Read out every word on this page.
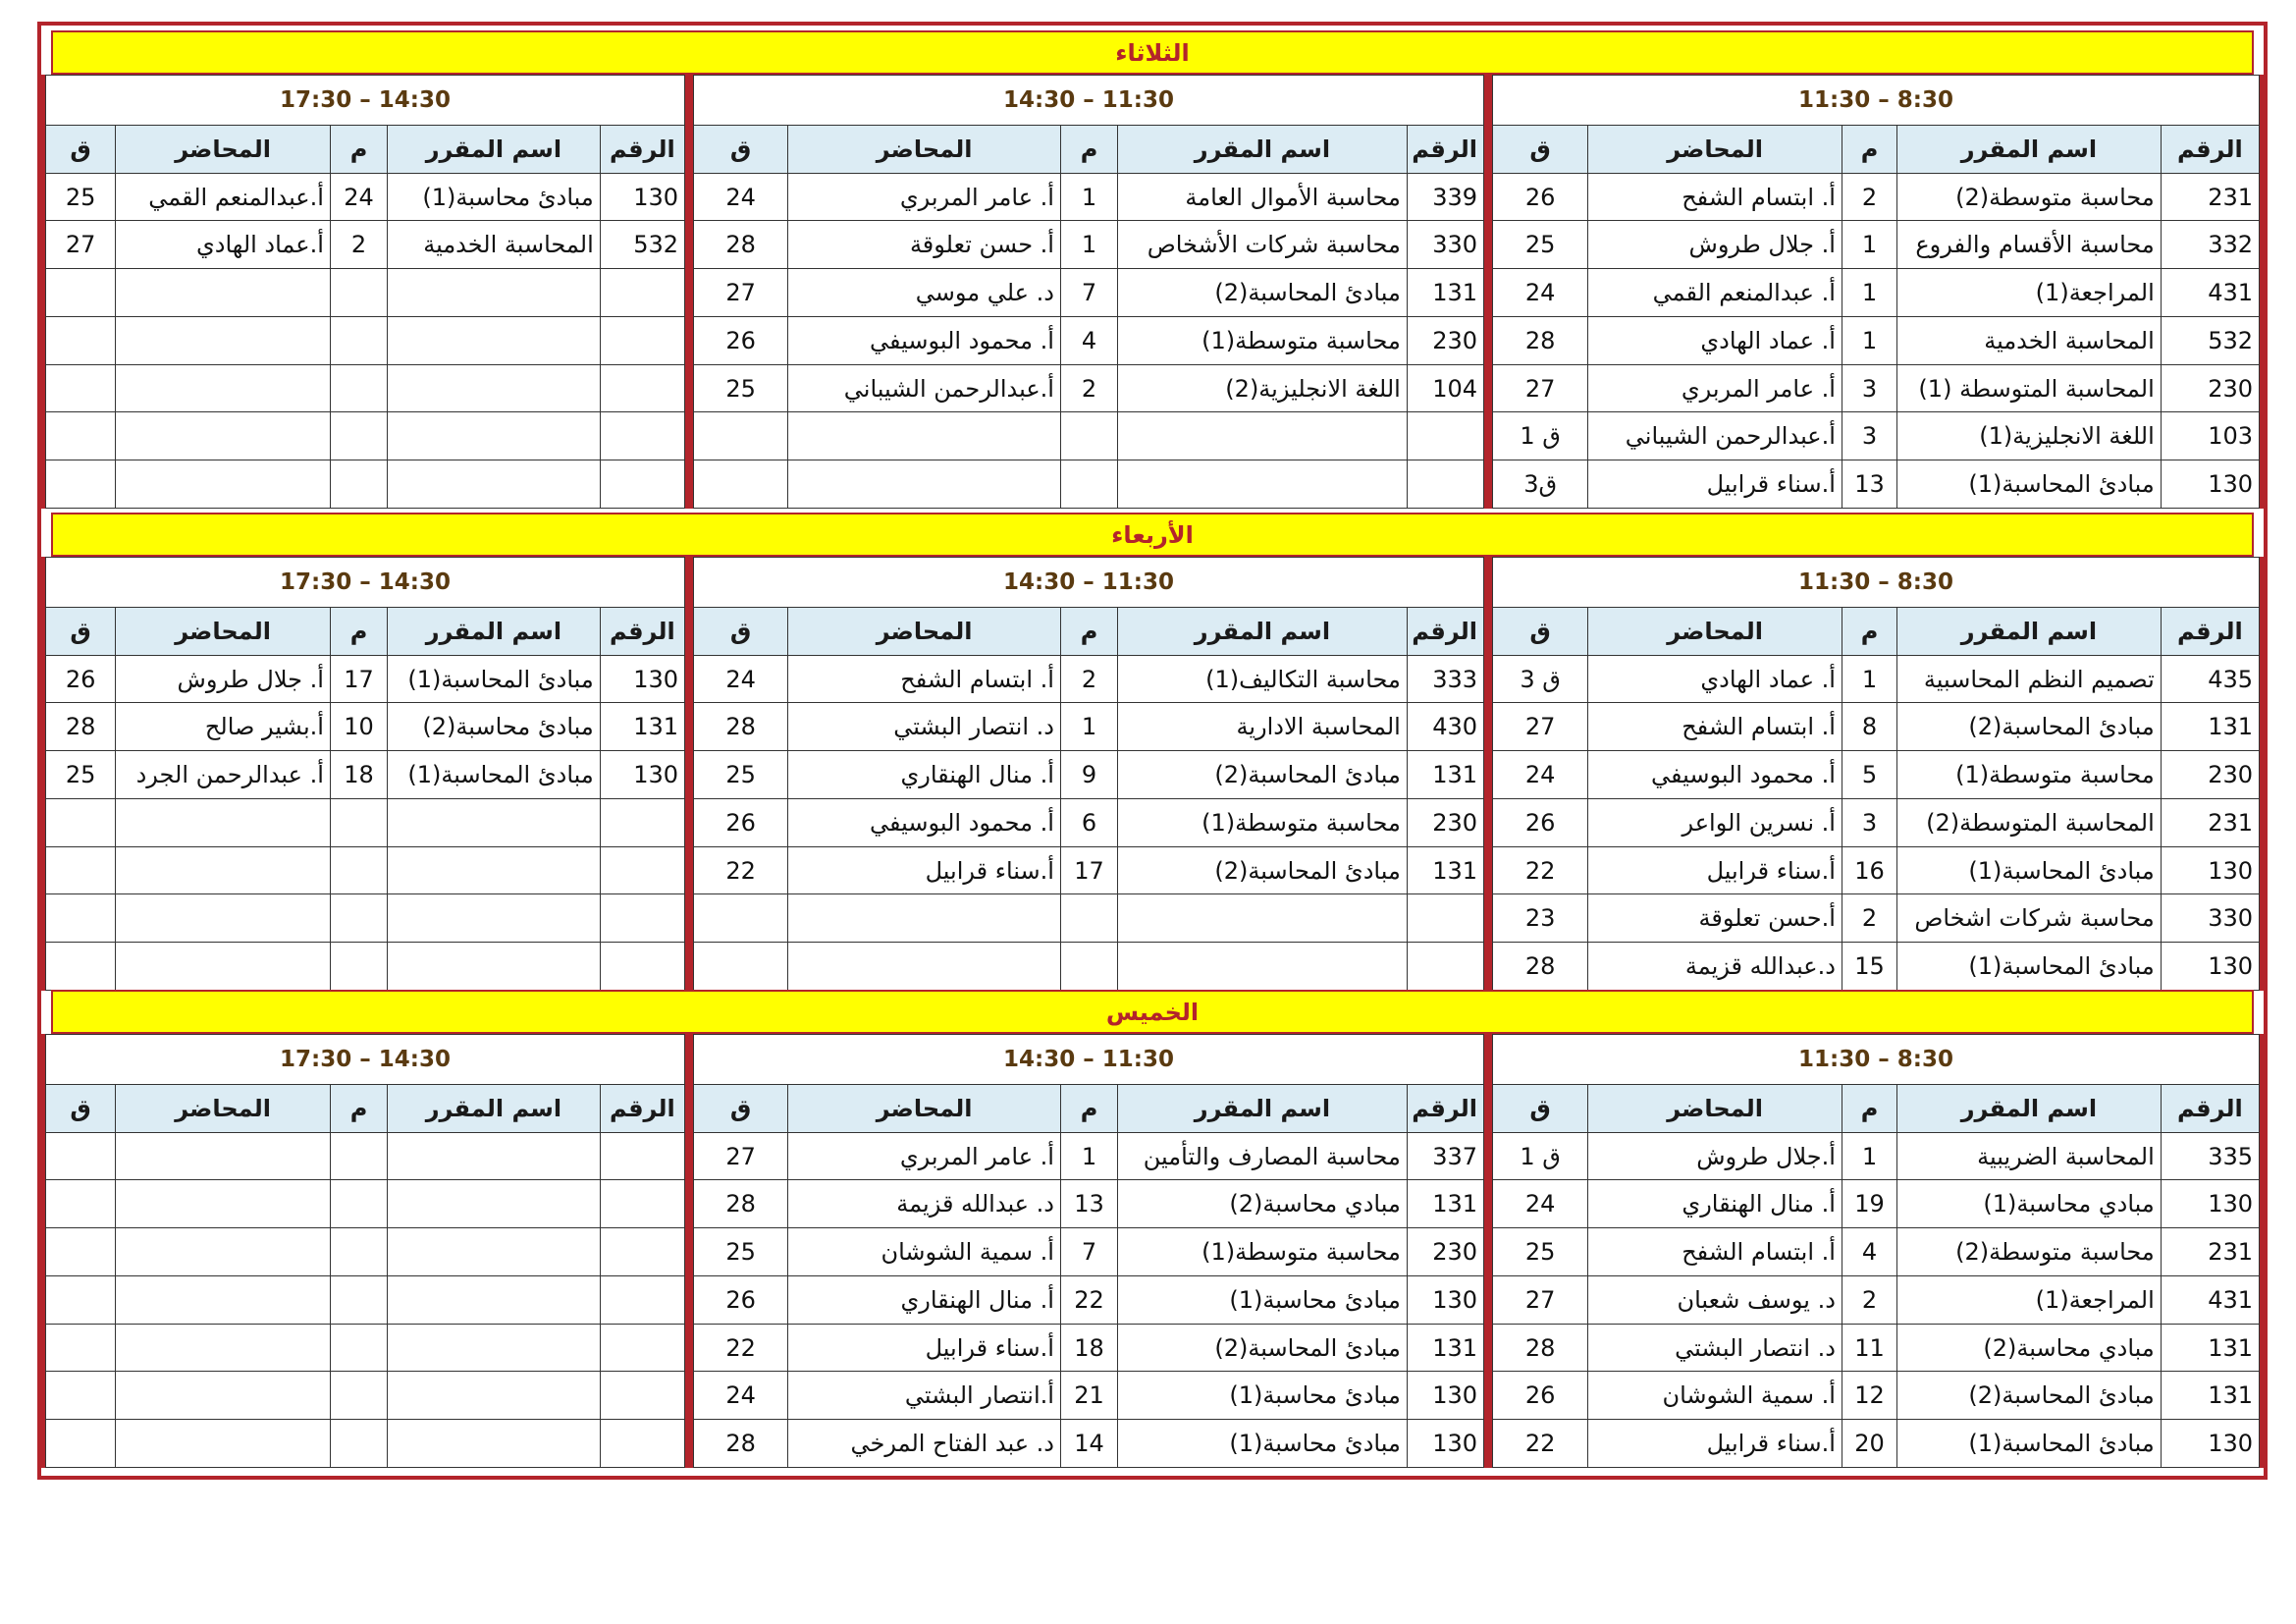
الثلاثاء
8:30 – 11:30				
الرقم	اسم المقرر	م	المحاضر	ق
231	محاسبة متوسطة(2)	2	أ. ابتسام الشفح	26
332	محاسبة الأقسام والفروع	1	أ. جلال طروش	25
431	المراجعة(1)	1	أ. عبدالمنعم القمي	24
532	المحاسبة الخدمية	1	أ. عماد الهادي	28
230	المحاسبة المتوسطة (1)	3	أ. عامر المربري	27
103	اللغة الانجليزية(1)	3	أ.عبدالرحمن الشيباني	ق 1
130	مبادئ المحاسبة(1)	13	أ.سناء قرابيل	ق3
11:30 – 14:30				
الرقم	اسم المقرر	م	المحاضر	ق
339	محاسبة الأموال العامة	1	أ. عامر المربري	24
330	محاسبة شركات الأشخاص	1	أ. حسن تعلوقة	28
131	مبادئ المحاسبة(2)	7	د. علي موسي	27
230	محاسبة متوسطة(1)	4	أ. محمود البوسيفي	26
104	اللغة الانجليزية(2)	2	أ.عبدالرحمن الشيباني	25

14:30 – 17:30				
الرقم	اسم المقرر	م	المحاضر	ق
130	مبادئ محاسبة(1)	24	أ.عبدالمنعم القمي	25
532	المحاسبة الخدمية	2	أ.عماد الهادي	27

الأربعاء
8:30 – 11:30				
الرقم	اسم المقرر	م	المحاضر	ق
435	تصميم النظم المحاسبية	1	أ. عماد الهادي	ق 3
131	مبادئ المحاسبة(2)	8	أ. ابتسام الشفح	27
230	محاسبة متوسطة(1)	5	أ. محمود البوسيفي	24
231	المحاسبة المتوسطة(2)	3	أ. نسرين الواعر	26
130	مبادئ المحاسبة(1)	16	أ.سناء قرابيل	22
330	محاسبة شركات اشخاص	2	أ.حسن تعلوقة	23
130	مبادئ المحاسبة(1)	15	د.عبدالله قزيمة	28
11:30 – 14:30				
الرقم	اسم المقرر	م	المحاضر	ق
333	محاسبة التكاليف(1)	2	أ. ابتسام الشفح	24
430	المحاسبة الادارية	1	د. انتصار البشتي	28
131	مبادئ المحاسبة(2)	9	أ. منال الهنقاري	25
230	محاسبة متوسطة(1)	6	أ. محمود البوسيفي	26
131	مبادئ المحاسبة(2)	17	أ.سناء قرابيل	22

14:30 – 17:30				
الرقم	اسم المقرر	م	المحاضر	ق
130	مبادئ المحاسبة(1)	17	أ. جلال طروش	26
131	مبادئ محاسبة(2)	10	أ.بشير صالح	28
130	مبادئ المحاسبة(1)	18	أ. عبدالرحمن الجرد	25

الخميس
8:30 – 11:30				
الرقم	اسم المقرر	م	المحاضر	ق
335	المحاسبة الضريبية	1	أ.جلال طروش	ق 1
130	مبادي محاسبة(1)	19	أ. منال الهنقاري	24
231	محاسبة متوسطة(2)	4	أ. ابتسام الشفح	25
431	المراجعة(1)	2	د. يوسف شعبان	27
131	مبادي محاسبة(2)	11	د. انتصار البشتي	28
131	مبادئ المحاسبة(2)	12	أ. سمية الشوشان	26
130	مبادئ المحاسبة(1)	20	أ.سناء قرابيل	22
11:30 – 14:30				
الرقم	اسم المقرر	م	المحاضر	ق
337	محاسبة المصارف والتأمين	1	أ. عامر المربري	27
131	مبادي محاسبة(2)	13	د. عبدالله قزيمة	28
230	محاسبة متوسطة(1)	7	أ. سمية الشوشان	25
130	مبادئ محاسبة(1)	22	أ. منال الهنقاري	26
131	مبادئ المحاسبة(2)	18	أ.سناء قرابيل	22
130	مبادئ محاسبة(1)	21	أ.انتصار البشتي	24
130	مبادئ محاسبة(1)	14	د. عبد الفتاح المرخي	28
14:30 – 17:30				
الرقم	اسم المقرر	م	المحاضر	ق
